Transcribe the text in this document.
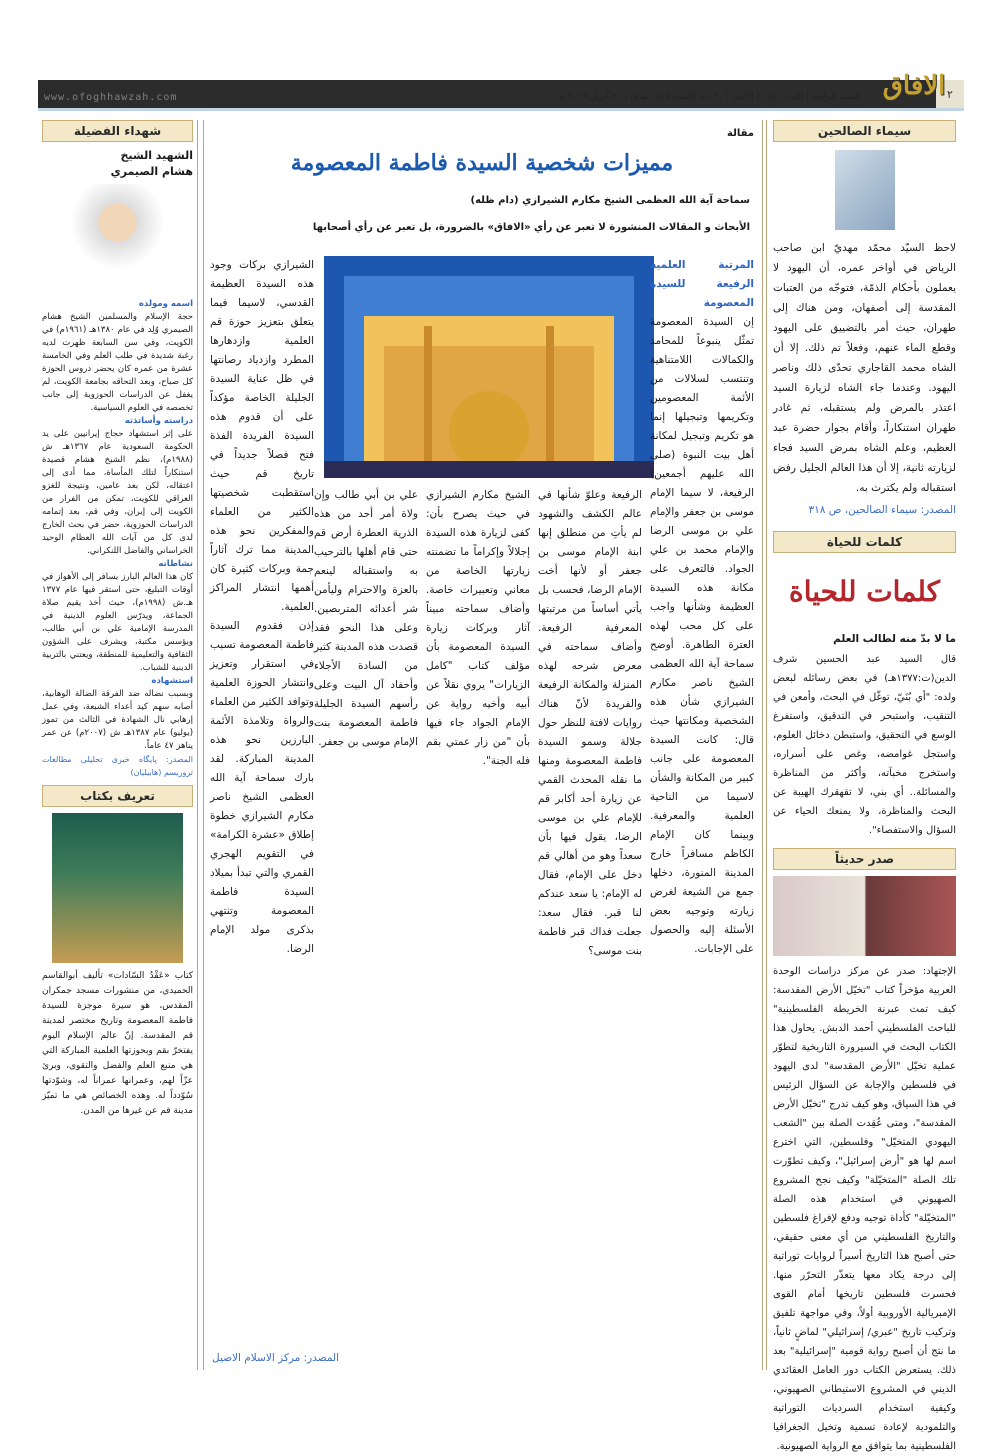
٢
الافاق
السنة الرابعة | العدد ١٤٤١ | الاثنين | ٣٠ ذي القعدة ١٤٤٧ هـ.ق | ٢٠ أبريل ٢٠٢٦ م
www.ofoghhawzah.com
سيماء الصالحين
لاحظ السيّد محمّد مهديّ ابن صاحب الرياض في أواخر عمره، أن اليهود لا يعملون بأحكام الذمّة، فتوجّه من العتبات المقدسة إلى أصفهان، ومن هناك إلى طهران، حيث أمر بالتضييق على اليهود وقطع الماء عنهم، وفعلاً تم ذلك. إلا أن الشاه محمد القاجاري تحدّى ذلك وناصر اليهود. وعندما جاء الشاه لزيارة السيد اعتذر بالمرض ولم يستقبله، ثم غادر طهران استنكاراً، وأقام بجوار حضرة عبد العظيم، وعلم الشاه بمرض السيد فجاء لزيارته ثانية، إلا أن هذا العالم الجليل رفض استقباله ولم يكترث به.
المصدر: سيماء الصالحين، ص ٣١٨
كلمات للحياة
كلمات للحياة
ما لا بدّ منه لطالب العلم
قال السيد عبد الحسين شرف الدين(ت:١٣٧٧هـ) في بعض رسائله لبعض ولده: "أي بُنَيّ، توغّل في البحث، وأمعن في التنقيب، واستبحر في التدقيق، واستفرغ الوسع في التحقيق، واستبطن دخائل العلوم، واستجل غوامضه، وغص على أسراره، واستخرج مخبآته، وأكثر من المناظرة والمسائلة.. أي بني، لا تقهقرك الهيبة عن البحث والمناظرة، ولا يمنعك الحياء عن السؤال والاستفصاء".
صدر حديثاً
الإجتهاد: صدر عن مركز دراسات الوحدة العربية مؤخراً كتاب "تخيّل الأرض المقدسة: كيف تمت عبرنة الخريطة الفلسطينية" للباحث الفلسطيني أحمد الدبش. يحاول هذا الكتاب البحث في السيرورة التاريخية لتطوّر عملية تخيّل "الأرض المقدسة" لدى اليهود في فلسطين والإجابة عن السؤال الرئيس في هذا السياق، وهو كيف تدرج "تخيّل الأرض المقدسة"، ومتى عُقِدت الصلة بين "الشعب اليهودي المتخيّل" وفلسطين، التي اخترع اسم لها هو "أرض إسرائيل"، وكيف تطوّرت تلك الصلة "المتخيّلة" وكيف نجح المشروع الصهيوني في استخدام هذه الصلة "المتخيّلة" كأداة توجيه ودفع لإفراغ فلسطين والتاريخ الفلسطيني من أي معنى حقيقي، حتى أصبح هذا التاريخ أسيراً لروايات توراتية إلى درجة يكاد معها يتعذّر التحرّر منها. فحسرت فلسطين تاريخها أمام القوى الإمبريالية الأوروبية أولاً، وفي مواجهة تلفيق وتركيب تاريخ "عبري/ إسرائيلي" لماضٍ ثانياً، ما نتج أن أصبح رواية قومية "إسرائيلية" بعد ذلك. يستعرض الكتاب دور العامل العقائدي الديني في المشروع الاستيطاني الصهيوني، وكيفية استخدام السرديات التوراتية والتلمودية لإعادة تسمية وتخيل الجغرافيا الفلسطينية بما يتوافق مع الرواية الصهيونية.
مقالة
مميزات شخصية السيدة فاطمة المعصومة
سماحة آية الله العظمى الشيخ مكارم الشيرازي (دام ظله)
الأبحاث و المقالات المنشورة لا تعبر عن رأي «الافاق» بالضرورة، بل تعبر عن رأي أصحابها
المرتبة العلمية الرفيعة للسيدة المعصومة
إن السيدة المعصومة تمثّل ينبوعاً للمحامد والكمالات اللامتناهية وتنتسب لسلالات من الأئمة المعصومين وتكريمها وتبجيلها إنما هو تكريم وتبجيل لمكانة أهل بيت النبوة (صلى الله عليهم أجمعين) الرفيعة، لا سيما الإمام موسى بن جعفر والإمام علي بن موسى الرضا والإمام محمد بن علي الجواد. فالتعرف على مكانة هذه السيدة العظيمة وشأنها واجب على كل محب لهذه العترة الطاهرة. أوضح سماحة آية الله العظمى الشيخ ناصر مكارم الشيرازي شأن هذه الشخصية ومكانتها حيث قال: كانت السيدة المعصومة على جانب كبير من المكانة والشأن لاسيما من الناحية العلمية والمعرفية. وبينما كان الإمام الكاظم مسافراً خارج المدينة المنورة، دخلها جمع من الشيعة لغرض زيارته وتوجيه بعض الأسئلة إليه والحصول على الإجابات.
الرفيعة وعلوّ شأنها في عالم الكشف والشهود لم يأتِ من منطلق إنها ابنة الإمام موسى بن جعفر أو لأنها أخت الإمام الرضا، فحسب بل يأتي أساساً من مرتبتها المعرفية الرفيعة. وأضاف سماحته في معرض شرحه لهذه المنزلة والمكانة الرفيعة والفريدة لأنّ هناك روايات لافتة للنظر حول جلالة وسمو السيدة فاطمة المعصومة ومنها ما نقله المحدث القمي عن زيارة أحد أكابر قم للإمام علي بن موسى الرضا، يقول فيها بأن سعداً وهو من أهالي قم دخل على الإمام، فقال له الإمام: يا سعد عندكم لنا قبر. فقال سعد: جعلت فداك قبر فاطمة بنت موسى؟
الشيخ مكارم الشيرازي في حيث يصرح بأن: كفى لزيارة هذه السيدة إجلالاً وإكراماً ما تضمنته زيارتها الخاصة من معاني وتعبيرات خاصة. وأضاف سماحته مبيناً آثار وبركات زيارة السيدة المعصومة بأن مؤلف كتاب "كامل الزيارات" يروي نقلاً عن أبيه وأخيه رواية عن الإمام الجواد جاء فيها بأن "من زار عمتي بقم فله الجنة".
علي بن أبي طالب وإن ولاة أمر أحد من هذه الذرية العطرة أرض قم حتى قام أهلها بالترحيب به واستقباله لينعم بالعزة والاحترام وليأمن شر أعدائه المتربصين. وعلى هذا النحو فقد قصدت هذه المدينة كثير من السادة الأجلاء وأحفاد آل البيت وعلى رأسهم السيدة الجليلة فاطمة المعصومة بنت الإمام موسى بن جعفر.
الشيرازي بركات وجود هذه السيدة العظيمة القدسي، لاسيما فيما يتعلق بتعزيز حوزة قم العلمية وازدهارها المطرد وازدياد رصانتها في ظل عناية السيدة الجليلة الخاصة مؤكداً على أن قدوم هذه السيدة الفريدة الفذة فتح فصلاً جديداً في تاريخ قم حيث استقطبت شخصيتها الكثير من العلماء والمفكرين نحو هذه المدينة مما ترك آثاراً جمة وبركات كثيرة كان أهمها انتشار المراكز العلمية.
إذن فقدوم السيدة فاطمة المعصومة تسبب في استقرار وتعزيز وانتشار الحوزة العلمية وتوافد الكثير من العلماء والرواة وتلامذة الأئمة البارزين نحو هذه المدينة المباركة. لقد بارك سماحة آية الله العظمى الشيخ ناصر مكارم الشيرازي خطوة إطلاق «عشرة الكرامة» في التقويم الهجري القمري والتي تبدأ بميلاد السيدة فاطمة المعصومة وتنتهي بذكرى مولد الإمام الرضا.
المصدر: مركز الاسلام الاصيل
شهداء الفضيلة
الشهيد الشيخ
هشام الصيمري
اسمه ومولده
حجة الإسلام والمسلمين الشيخ هشام الصيمري وُلِد في عام ١٣٨٠هـ (١٩٦١م) في الكويت، وفي سن السابعة ظهرت لديه رغبة شديدة في طلب العلم وفي الخامسة عشرة من عمره كان يحضر دروس الحوزة كل صباح، وبعد التحاقه بجامعة الكويت، لم يغفل عن الدراسات الحوزوية إلى جانب تخصصه في العلوم السياسية.
دراسته وأساتذته
على إثر استشهاد حجاج إيرانيين على يد الحكومة السعودية عام ١٣٦٧هـ ش (١٩٨٨م)، نظم الشيخ هشام قصيدة استنكاراً لتلك المأساة، مما أدى إلى اعتقاله، لكن بعد عامين، ونتيجة للغزو العراقي للكويت، تمكن من الفرار من الكويت إلى إيران، وفي قم، بعد إتمامه الدراسات الحوزوية، حضر في بحث الخارج لدى كل من آيات الله العظام الوحيد الخراساني والفاضل اللنكراني.
نشاطاته
كان هذا العالم البارز يسافر إلى الأهواز في أوقات التبليغ، حتى استقر فيها عام ١٣٧٧ هـ.ش (١٩٩٨م)، حيث أخذ يقيم صلاة الجماعة، ويدرّس العلوم الدينية في المدرسة الإمامية علي بن أبي طالب، ويؤسس مكتبة، ويشرف على الشؤون الثقافية والتعليمية للمنطقة، ويعتني بالتربية الدينية للشباب.
استشهاده
وبسبب نضاله ضد الفرقة الضالة الوهابية، أصابه سهم كيد أعداء الشيعة، وفي عمل إرهابي نال الشهادة في الثالث من تموز (يوليو) عام ١٣٨٧هـ ش (٢٠٠٧م) عن عمر يناهز ٤٧ عاماً.
المصدر: پايگاه خبری تحليلی مطالعات تروريسم (هابيليان)
تعريف بكتاب
كتاب «عَقْدُ السّادات» تأليف أبوالقاسم الحميدي، من منشورات مسجد جمكران المقدس، هو سيرة موجزة للسيدة فاطمة المعصومة وتاريخ مختصر لمدينة قم المقدسة. إنّ عالم الإسلام اليوم يفتخرّ بقم وبحوزتها العلمية المباركة التي هي منبع العلم والفضل والتقوى، وبرئ عزّاً لهم، وعمرانها عمراناً له، وشوّدتها سُوّدداً له. وهذه الخصائص هي ما تميّز مدينة قم عن غيرها من المدن.
